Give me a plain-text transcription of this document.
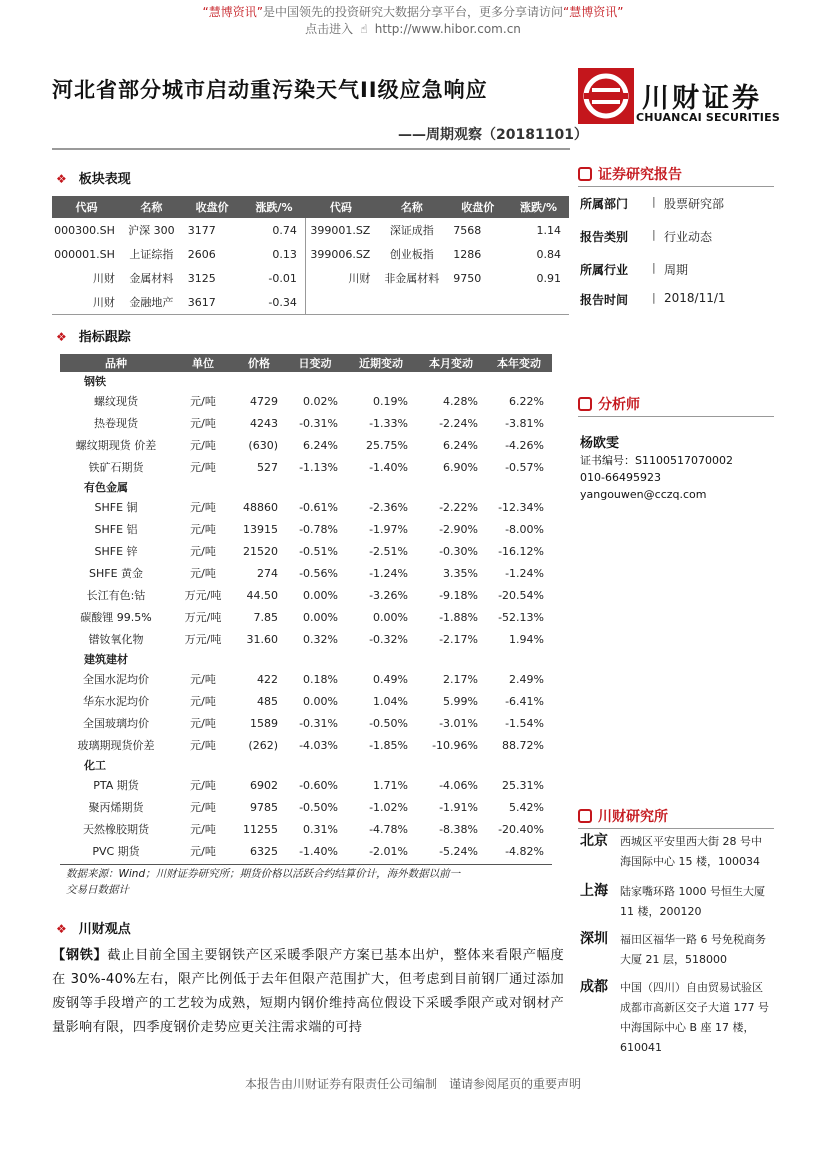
“慧博资讯”是中国领先的投资研究大数据分享平台，更多分享请访问“慧博资讯”
点击进入 ☝ http://www.hibor.com.cn
河北省部分城市启动重污染天气II级应急响应
——周期观察（20181101）
川财证券
CHUANCAI SECURITIES
❖ 板块表现
代码	名称	收盘价	涨跌/%	代码	名称	收盘价	涨跌/%
000300.SH	沪深 300	3177	0.74	399001.SZ	深证成指	7568	1.14
000001.SH	上证综指	2606	0.13	399006.SZ	创业板指	1286	0.84
川财	金属材料	3125	-0.01	川财	非金属材料	9750	0.91
川财	金融地产	3617	-0.34				
❖ 指标跟踪
品种	单位	价格	日变动	近期变动	本月变动	本年变动
钢铁						
螺纹现货	元/吨	4729	0.02%	0.19%	4.28%	6.22%
热卷现货	元/吨	4243	-0.31%	-1.33%	-2.24%	-3.81%
螺纹期现货 价差	元/吨	(630)	6.24%	25.75%	6.24%	-4.26%
铁矿石期货	元/吨	527	-1.13%	-1.40%	6.90%	-0.57%
有色金属						
SHFE 铜	元/吨	48860	-0.61%	-2.36%	-2.22%	-12.34%
SHFE 铝	元/吨	13915	-0.78%	-1.97%	-2.90%	-8.00%
SHFE 锌	元/吨	21520	-0.51%	-2.51%	-0.30%	-16.12%
SHFE 黄金	元/吨	274	-0.56%	-1.24%	3.35%	-1.24%
长江有色:钴	万元/吨	44.50	0.00%	-3.26%	-9.18%	-20.54%
碳酸锂 99.5%	万元/吨	7.85	0.00%	0.00%	-1.88%	-52.13%
镨钕氧化物	万元/吨	31.60	0.32%	-0.32%	-2.17%	1.94%
建筑建材						
全国水泥均价	元/吨	422	0.18%	0.49%	2.17%	2.49%
华东水泥均价	元/吨	485	0.00%	1.04%	5.99%	-6.41%
全国玻璃均价	元/吨	1589	-0.31%	-0.50%	-3.01%	-1.54%
玻璃期现货价差	元/吨	(262)	-4.03%	-1.85%	-10.96%	88.72%
化工						
PTA 期货	元/吨	6902	-0.60%	1.71%	-4.06%	25.31%
聚丙烯期货	元/吨	9785	-0.50%	-1.02%	-1.91%	5.42%
天然橡胶期货	元/吨	11255	0.31%	-4.78%	-8.38%	-20.40%
PVC 期货	元/吨	6325	-1.40%	-2.01%	-5.24%	-4.82%
数据来源：Wind；川财证券研究所；期货价格以活跃合约结算价计，海外数据以前一
交易日数据计
❖ 川财观点
【钢铁】截止目前全国主要钢铁产区采暖季限产方案已基本出炉，整体来看限产幅度在 30%-40%左右，限产比例低于去年但限产范围扩大，但考虑到目前钢厂通过添加废钢等手段增产的工艺较为成熟，短期内钢价维持高位假设下采暖季限产或对钢材产量影响有限，四季度钢价走势应更关注需求端的可持
证券研究报告
所属部门 | 股票研究部
报告类别 | 行业动态
所属行业 | 周期
报告时间 | 2018/11/1
分析师
杨欧雯
证书编号：S1100517070002
010-66495923
yangouwen@cczq.com
川财研究所
北京 西城区平安里西大街 28 号中
海国际中心 15 楼，100034
上海 陆家嘴环路 1000 号恒生大厦
11 楼，200120
深圳 福田区福华一路 6 号免税商务
大厦 21 层，518000
成都 中国（四川）自由贸易试验区
成都市高新区交子大道 177 号
中海国际中心 B 座 17 楼，
610041
本报告由川财证券有限责任公司编制　谨请参阅尾页的重要声明
